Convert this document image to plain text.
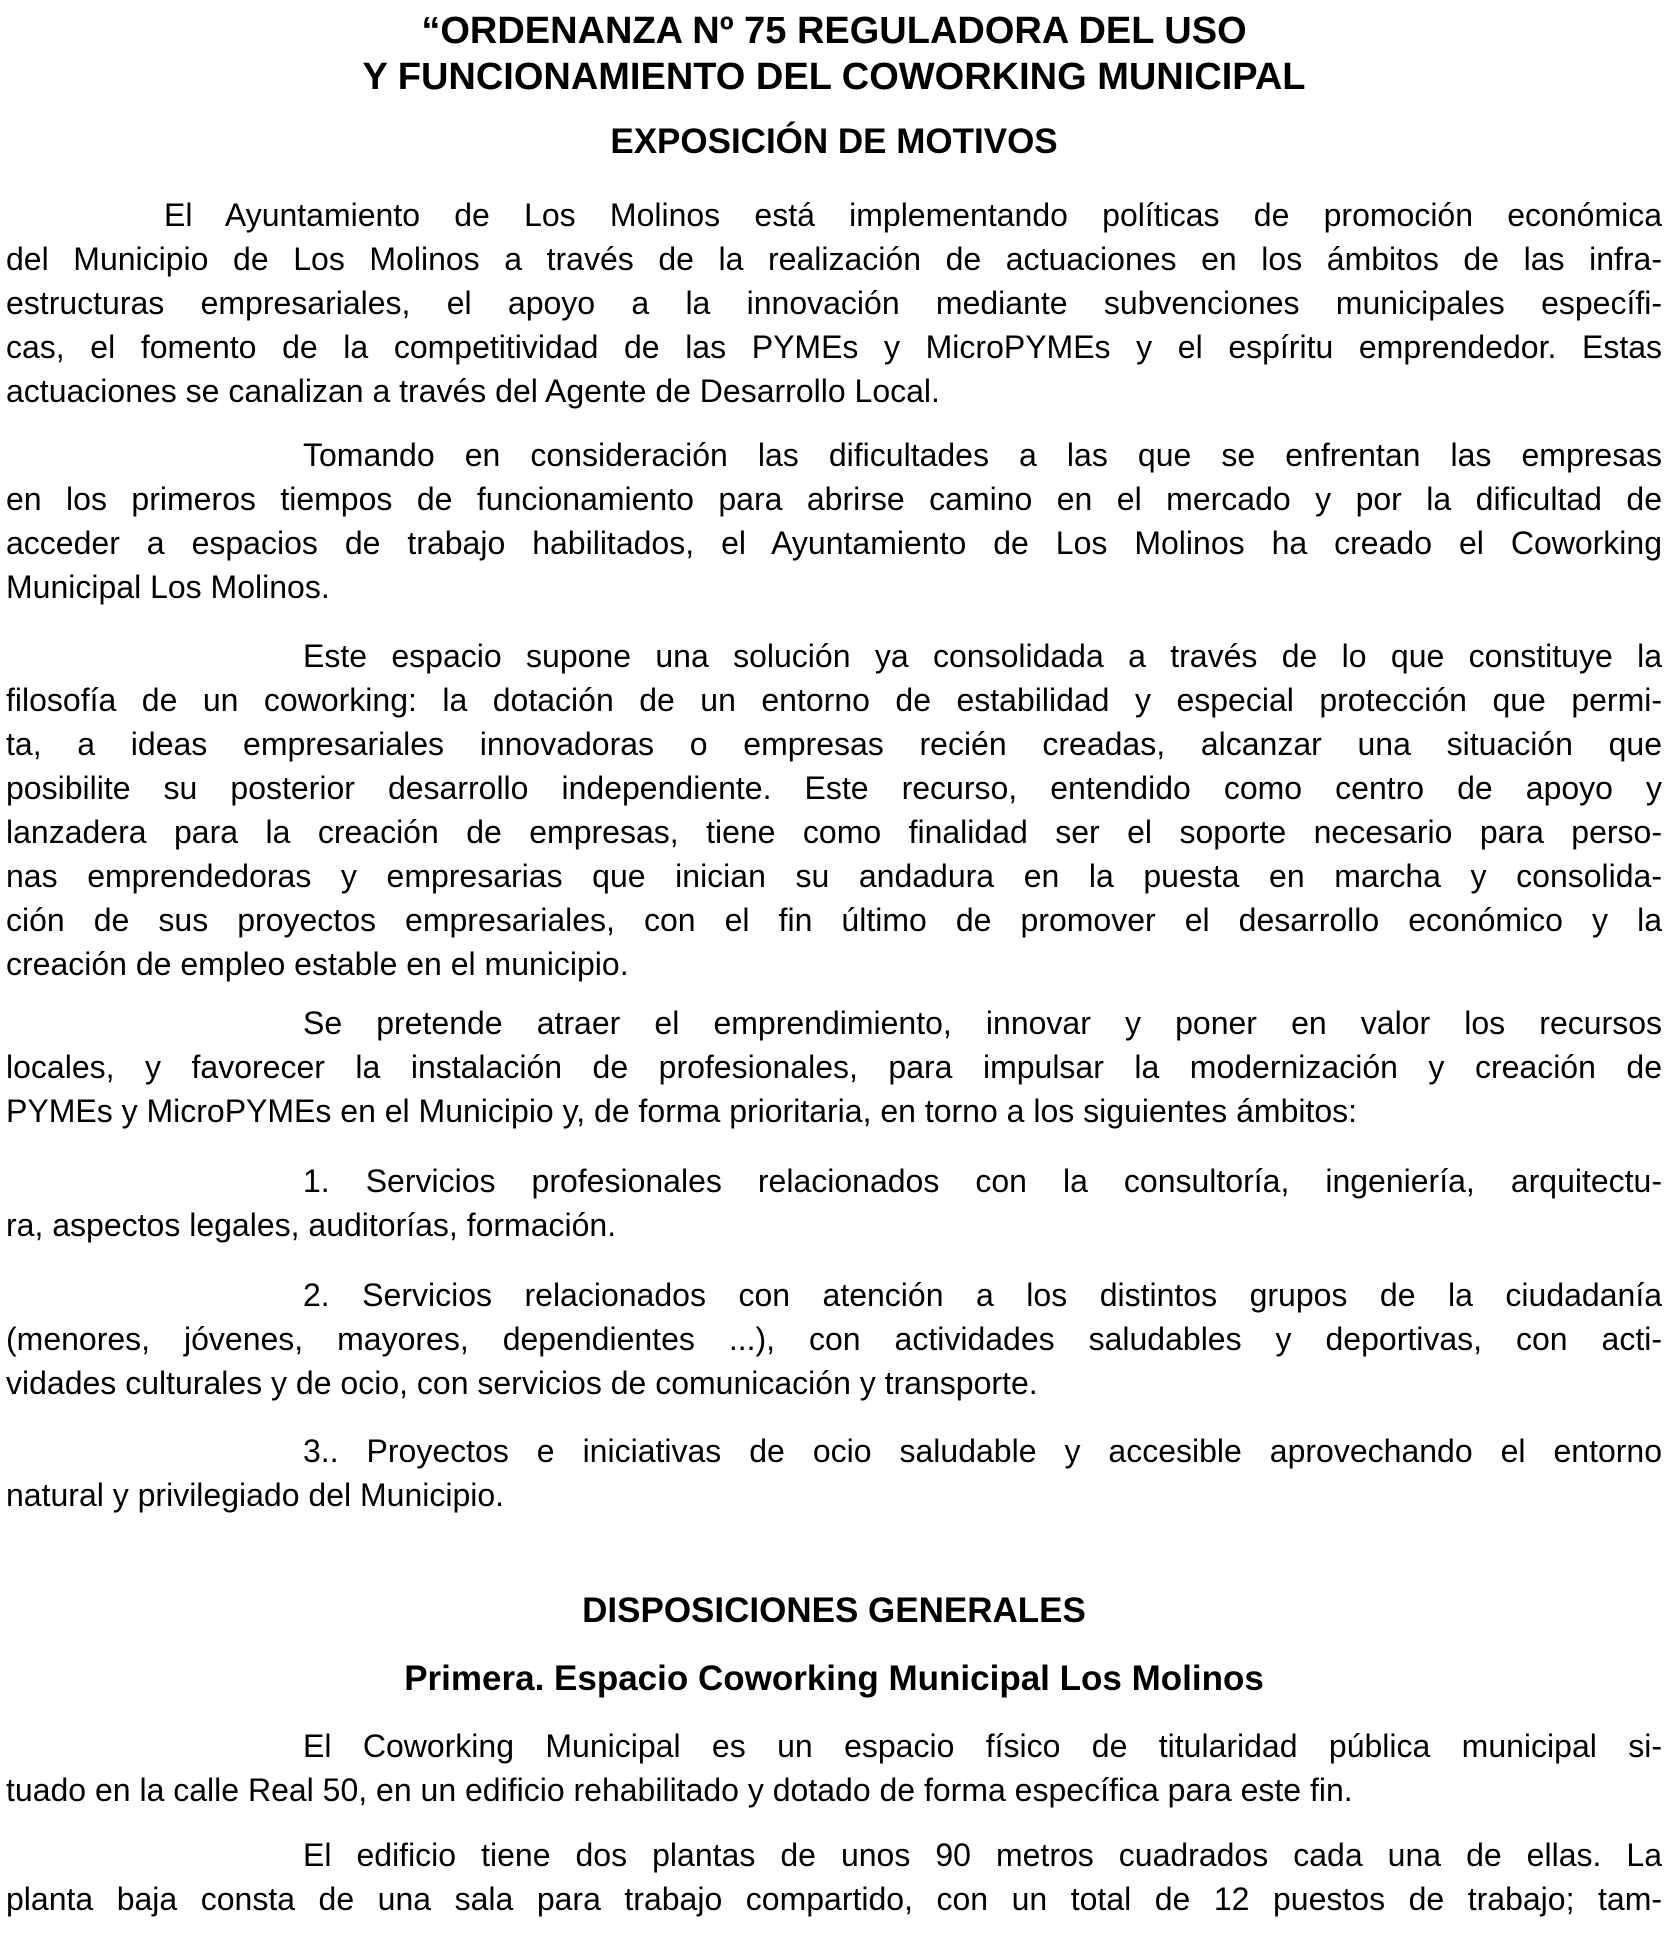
“ORDENANZA Nº 75 REGULADORA DEL USO
Y FUNCIONAMIENTO DEL COWORKING MUNICIPAL
EXPOSICIÓN DE MOTIVOS
El Ayuntamiento de Los Molinos está implementando políticas de promoción económica
del Municipio de Los Molinos a través de la realización de actuaciones en los ámbitos de las infra-
estructuras empresariales, el apoyo a la innovación mediante subvenciones municipales específi-
cas, el fomento de la competitividad de las PYMEs y MicroPYMEs y el espíritu emprendedor. Estas
actuaciones se canalizan a través del Agente de Desarrollo Local.
Tomando en consideración las dificultades a las que se enfrentan las empresas
en los primeros tiempos de funcionamiento para abrirse camino en el mercado y por la dificultad de
acceder a espacios de trabajo habilitados, el Ayuntamiento de Los Molinos ha creado el Coworking
Municipal Los Molinos.
Este espacio supone una solución ya consolidada a través de lo que constituye la
filosofía de un coworking: la dotación de un entorno de estabilidad y especial protección que permi-
ta, a ideas empresariales innovadoras o empresas recién creadas, alcanzar una situación que
posibilite su posterior desarrollo independiente. Este recurso, entendido como centro de apoyo y
lanzadera para la creación de empresas, tiene como finalidad ser el soporte necesario para perso-
nas emprendedoras y empresarias que inician su andadura en la puesta en marcha y consolida-
ción de sus proyectos empresariales, con el fin último de promover el desarrollo económico y la
creación de empleo estable en el municipio.
Se pretende atraer el emprendimiento, innovar y poner en valor los recursos
locales, y favorecer la instalación de profesionales, para impulsar la modernización y creación de
PYMEs y MicroPYMEs en el Municipio y, de forma prioritaria, en torno a los siguientes ámbitos:
1. Servicios profesionales relacionados con la consultoría, ingeniería, arquitectu-
ra, aspectos legales, auditorías, formación.
2. Servicios relacionados con atención a los distintos grupos de la ciudadanía
(menores, jóvenes, mayores, dependientes ...), con actividades saludables y deportivas, con acti-
vidades culturales y de ocio, con servicios de comunicación y transporte.
3.. Proyectos e iniciativas de ocio saludable y accesible aprovechando el entorno
natural y privilegiado del Municipio.
DISPOSICIONES GENERALES
Primera. Espacio Coworking Municipal Los Molinos
El Coworking Municipal es un espacio físico de titularidad pública municipal si-
tuado en la calle Real 50, en un edificio rehabilitado y dotado de forma específica para este fin.
El edificio tiene dos plantas de unos 90 metros cuadrados cada una de ellas. La
planta baja consta de una sala para trabajo compartido, con un total de 12 puestos de trabajo; tam-
